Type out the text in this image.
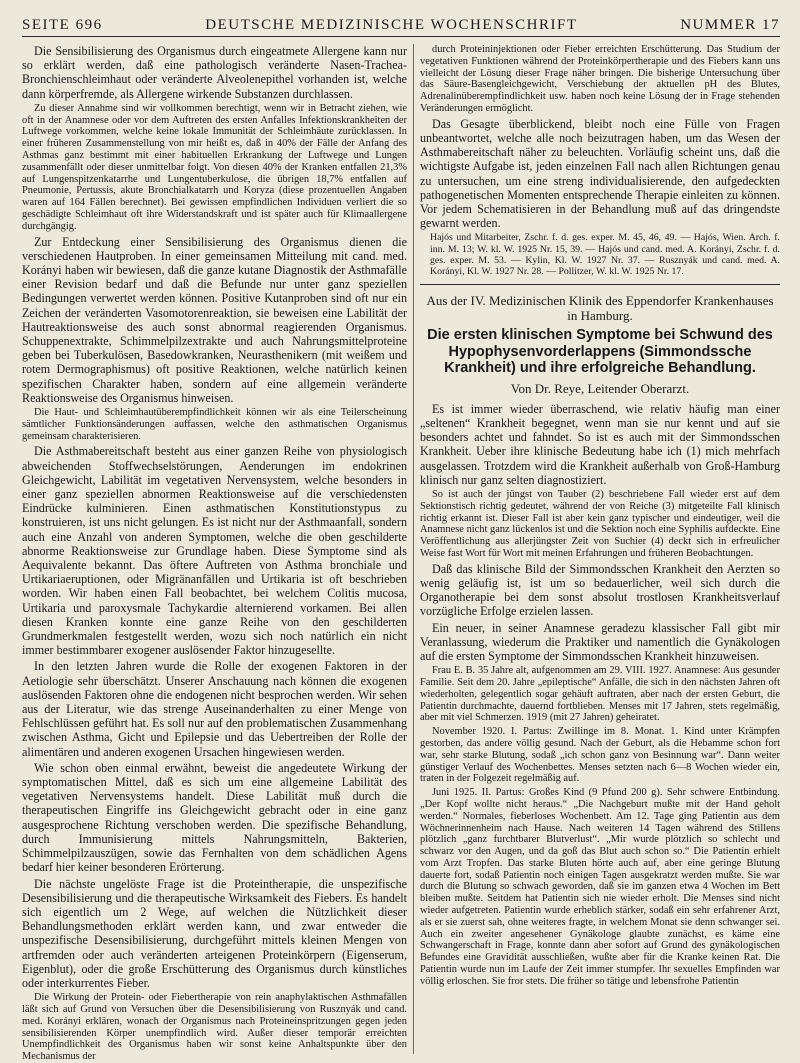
SEITE 696	DEUTSCHE MEDIZINISCHE WOCHENSCHRIFT	NUMMER 17

Die Sensibilisierung des Organismus durch eingeatmete Allergene kann nur so erklärt werden, daß eine pathologisch veränderte Nasen-Trachea-Bronchienschleimhaut oder veränderte Alveolenepithel vorhanden ist, welche dann körperfremde, als Allergene wirkende Substanzen durchlassen.

Zu dieser Annahme sind wir vollkommen berechtigt, wenn wir in Betracht ziehen, wie oft in der Anamnese oder vor dem Auftreten des ersten Anfalles Infektionskrankheiten der Luftwege vorkommen, welche keine lokale Immunität der Schleimhäute zurücklassen. In einer früheren Zusammenstellung von mir heißt es, daß in 40% der Fälle der Anfang des Asthmas ganz bestimmt mit einer habituellen Erkrankung der Luftwege und Lungen zusammenfällt oder dieser unmittelbar folgt. Von diesen 40% der Kranken entfallen 21,3% auf Lungenspitzenkatarrhe und Lungentuberkulose, die übrigen 18,7% entfallen auf Pneumonie, Pertussis, akute Bronchialkatarrh und Koryza (diese prozentuellen Angaben waren auf 164 Fällen berechnet). Bei gewissen empfindlichen Individuen verliert die so geschädigte Schleimhaut oft ihre Widerstandskraft und ist später auch für Klimaallergene durchgängig.

Zur Entdeckung einer Sensibilisierung des Organismus dienen die verschiedenen Hautproben. In einer gemeinsamen Mitteilung mit cand. med. Korányi haben wir bewiesen, daß die ganze kutane Diagnostik der Asthmafälle einer Revision bedarf und daß die Befunde nur unter ganz speziellen Bedingungen verwertet werden können. Positive Kutanproben sind oft nur ein Zeichen der veränderten Vasomotorenreaktion, sie beweisen eine Labilität der Hautreaktionsweise des auch sonst abnormal reagierenden Organismus. Schuppenextrakte, Schimmelpilzextrakte und auch Nahrungsmittelproteine geben bei Tuberkulösen, Basedowkranken, Neurasthenikern (mit weißem und rotem Dermographismus) oft positive Reaktionen, welche natürlich keinen spezifischen Charakter haben, sondern auf eine allgemein veränderte Reaktionsweise des Organismus hinweisen.

Die Haut- und Schleimhautüberempfindlichkeit können wir als eine Teilerscheinung sämtlicher Funktionsänderungen auffassen, welche den asthmatischen Organismus gemeinsam charakterisieren.

Die Asthmabereitschaft besteht aus einer ganzen Reihe von physiologisch abweichenden Stoffwechselstörungen, Aenderungen im endokrinen Gleichgewicht, Labilität im vegetativen Nervensystem, welche besonders in einer ganz speziellen abnormen Reaktionsweise auf die verschiedensten Eindrücke kulminieren. Einen asthmatischen Konstitutionstypus zu konstruieren, ist uns nicht gelungen. Es ist nicht nur der Asthmaanfall, sondern auch eine Anzahl von anderen Symptomen, welche die oben geschilderte abnorme Reaktionsweise zur Grundlage haben. Diese Symptome sind als Aequivalente bekannt. Das öftere Auftreten von Asthma bronchiale und Urtikariaeruptionen, oder Migränanfällen und Urtikaria ist oft beschrieben worden. Wir haben einen Fall beobachtet, bei welchem Colitis mucosa, Urtikaria und paroxysmale Tachykardie alternierend vorkamen. Bei allen diesen Kranken konnte eine ganze Reihe von den geschilderten Grundmerkmalen festgestellt werden, wozu sich noch natürlich ein nicht immer bestimmbarer exogener auslösender Faktor hinzugesellte.

In den letzten Jahren wurde die Rolle der exogenen Faktoren in der Aetiologie sehr überschätzt. Unserer Anschauung nach können die exogenen auslösenden Faktoren ohne die endogenen nicht besprochen werden. Wir sehen aus der Literatur, wie das strenge Auseinanderhalten zu einer Menge von Fehlschlüssen geführt hat. Es soll nur auf den problematischen Zusammenhang zwischen Asthma, Gicht und Epilepsie und das Uebertreiben der Rolle der alimentären und anderen exogenen Ursachen hingewiesen werden.

Wie schon oben einmal erwähnt, beweist die angedeutete Wirkung der symptomatischen Mittel, daß es sich um eine allgemeine Labilität des vegetativen Nervensystems handelt. Diese Labilität muß durch die therapeutischen Eingriffe ins Gleichgewicht gebracht oder in eine ganz ausgesprochene Richtung verschoben werden. Die spezifische Behandlung, durch Immunisierung mittels Nahrungsmitteln, Bakterien, Schimmelpilzauszügen, sowie das Fernhalten von dem schädlichen Agens bedarf hier keiner besonderen Erörterung.

Die nächste ungelöste Frage ist die Proteintherapie, die unspezifische Desensibilisierung und die therapeutische Wirksamkeit des Fiebers. Es handelt sich eigentlich um 2 Wege, auf welchen die Nützlichkeit dieser Behandlungsmethoden erklärt werden kann, und zwar entweder die unspezifische Desensibilisierung, durchgeführt mittels kleinen Mengen von artfremden oder auch veränderten arteigenen Proteinkörpern (Eigenserum, Eigenblut), oder die große Erschütterung des Organismus durch künstliches oder interkurrentes Fieber.

Die Wirkung der Protein- oder Fiebertherapie von rein anaphylaktischen Asthmafällen läßt sich auf Grund von Versuchen über die Desensibilisierung von Rusznyák und cand. med. Korányi erklären, wonach der Organismus nach Proteineinspritzungen gegen jeden sensibilisierenden Körper unempfindlich wird. Außer dieser temporär erreichten Unempfindlichkeit des Organismus haben wir sonst keine Anhaltspunkte über den Mechanismus der

durch Proteininjektionen oder Fieber erreichten Erschütterung. Das Studium der vegetativen Funktionen während der Proteinkörpertherapie und des Fiebers kann uns vielleicht der Lösung dieser Frage näher bringen. Die bisherige Untersuchung über das Säure-Basengleichgewicht, Verschiebung der aktuellen pH des Blutes, Adrenalinüberempfindlichkeit usw. haben noch keine Lösung der in Frage stehenden Veränderungen ermöglicht.

Das Gesagte überblickend, bleibt noch eine Fülle von Fragen unbeantwortet, welche alle noch beizutragen haben, um das Wesen der Asthmabereitschaft näher zu beleuchten. Vorläufig scheint uns, daß die wichtigste Aufgabe ist, jeden einzelnen Fall nach allen Richtungen genau zu untersuchen, um eine streng individualisierende, den aufgedeckten pathogenetischen Momenten entsprechende Therapie einleiten zu können. Vor jedem Schematisieren in der Behandlung muß auf das dringendste gewarnt werden.

Hajós und Mitarbeiter, Zschr. f. d. ges. exper. M. 45, 46, 49. — Hajós, Wien. Arch. f. inn. M. 13; W. kl. W. 1925 Nr. 15, 39. — Hajós und cand. med. A. Korányi, Zschr. f. d. ges. exper. M. 53. — Kylin, Kl. W. 1927 Nr. 37. — Rusznyák und cand. med. A. Korányi, Kl. W. 1927 Nr. 28. — Pollitzer, W. kl. W. 1925 Nr. 17.

Aus der IV. Medizinischen Klinik des Eppendorfer Krankenhauses in Hamburg.
Die ersten klinischen Symptome bei Schwund des Hypophysenvorderlappens (Simmondssche Krankheit) und ihre erfolgreiche Behandlung.
Von Dr. Reye, Leitender Oberarzt.

Es ist immer wieder überraschend, wie relativ häufig man einer „seltenen“ Krankheit begegnet, wenn man sie nur kennt und auf sie besonders achtet und fahndet. So ist es auch mit der Simmondsschen Krankheit. Ueber ihre klinische Bedeutung habe ich (1) mich mehrfach ausgelassen. Trotzdem wird die Krankheit außerhalb von Groß-Hamburg klinisch nur ganz selten diagnostiziert.

So ist auch der jüngst von Tauber (2) beschriebene Fall wieder erst auf dem Sektionstisch richtig gedeutet, während der von Reiche (3) mitgeteilte Fall klinisch richtig erkannt ist. Dieser Fall ist aber kein ganz typischer und eindeutiger, weil die Anamnese nicht ganz lückenlos ist und die Sektion noch eine Syphilis aufdeckte. Eine Veröffentlichung aus allerjüngster Zeit von Suchier (4) deckt sich in erfreulicher Weise fast Wort für Wort mit meinen Erfahrungen und früheren Beobachtungen.

Daß das klinische Bild der Simmondsschen Krankheit den Aerzten so wenig geläufig ist, ist um so bedauerlicher, weil sich durch die Organotherapie bei dem sonst absolut trostlosen Krankheitsverlauf vorzügliche Erfolge erzielen lassen.

Ein neuer, in seiner Anamnese geradezu klassischer Fall gibt mir Veranlassung, wiederum die Praktiker und namentlich die Gynäkologen auf die ersten Symptome der Simmondsschen Krankheit hinzuweisen.

Frau E. B. 35 Jahre alt, aufgenommen am 29. VIII. 1927. Anamnese: Aus gesunder Familie. Seit dem 20. Jahre „epileptische“ Anfälle, die sich in den nächsten Jahren oft wiederholten, gelegentlich sogar gehäuft auftraten, aber nach der ersten Geburt, die Patientin durchmachte, dauernd fortblieben. Menses mit 17 Jahren, stets regelmäßig, aber mit viel Schmerzen. 1919 (mit 27 Jahren) geheiratet.

November 1920. I. Partus: Zwillinge im 8. Monat. 1. Kind unter Krämpfen gestorben, das andere völlig gesund. Nach der Geburt, als die Hebamme schon fort war, sehr starke Blutung, sodaß „ich schon ganz von Besinnung war“. Dann weiter günstiger Verlauf des Wochenbettes. Menses setzten nach 6—8 Wochen wieder ein, traten in der Folgezeit regelmäßig auf.

Juni 1925. II. Partus: Großes Kind (9 Pfund 200 g). Sehr schwere Entbindung. „Der Kopf wollte nicht heraus.“ „Die Nachgeburt mußte mit der Hand geholt werden.“ Normales, fieberloses Wochenbett. Am 12. Tage ging Patientin aus dem Wöchnerinnenheim nach Hause. Nach weiteren 14 Tagen während des Stillens plötzlich „ganz furchtbarer Blutverlust“. „Mir wurde plötzlich so schlecht und schwarz vor den Augen, und da goß das Blut auch schon so.“ Die Patientin erhielt vom Arzt Tropfen. Das starke Bluten hörte auch auf, aber eine geringe Blutung dauerte fort, sodaß Patientin noch einigen Tagen ausgekratzt werden mußte. Sie war durch die Blutung so schwach geworden, daß sie im ganzen etwa 4 Wochen im Bett bleiben mußte. Seitdem hat Patientin sich nie wieder erholt. Die Menses sind nicht wieder aufgetreten. Patientin wurde erheblich stärker, sodaß ein sehr erfahrener Arzt, als er sie zuerst sah, ohne weiteres fragte, in welchem Monat sie denn schwanger sei. Auch ein zweiter angesehener Gynäkologe glaubte zunächst, es käme eine Schwangerschaft in Frage, konnte dann aber sofort auf Grund des gynäkologischen Befundes eine Gravidität ausschließen, wußte aber für die Kranke keinen Rat. Die Patientin wurde nun im Laufe der Zeit immer stumpfer. Ihr sexuelles Empfinden war völlig erloschen. Sie fror stets. Die früher so tätige und lebensfrohe Patientin
